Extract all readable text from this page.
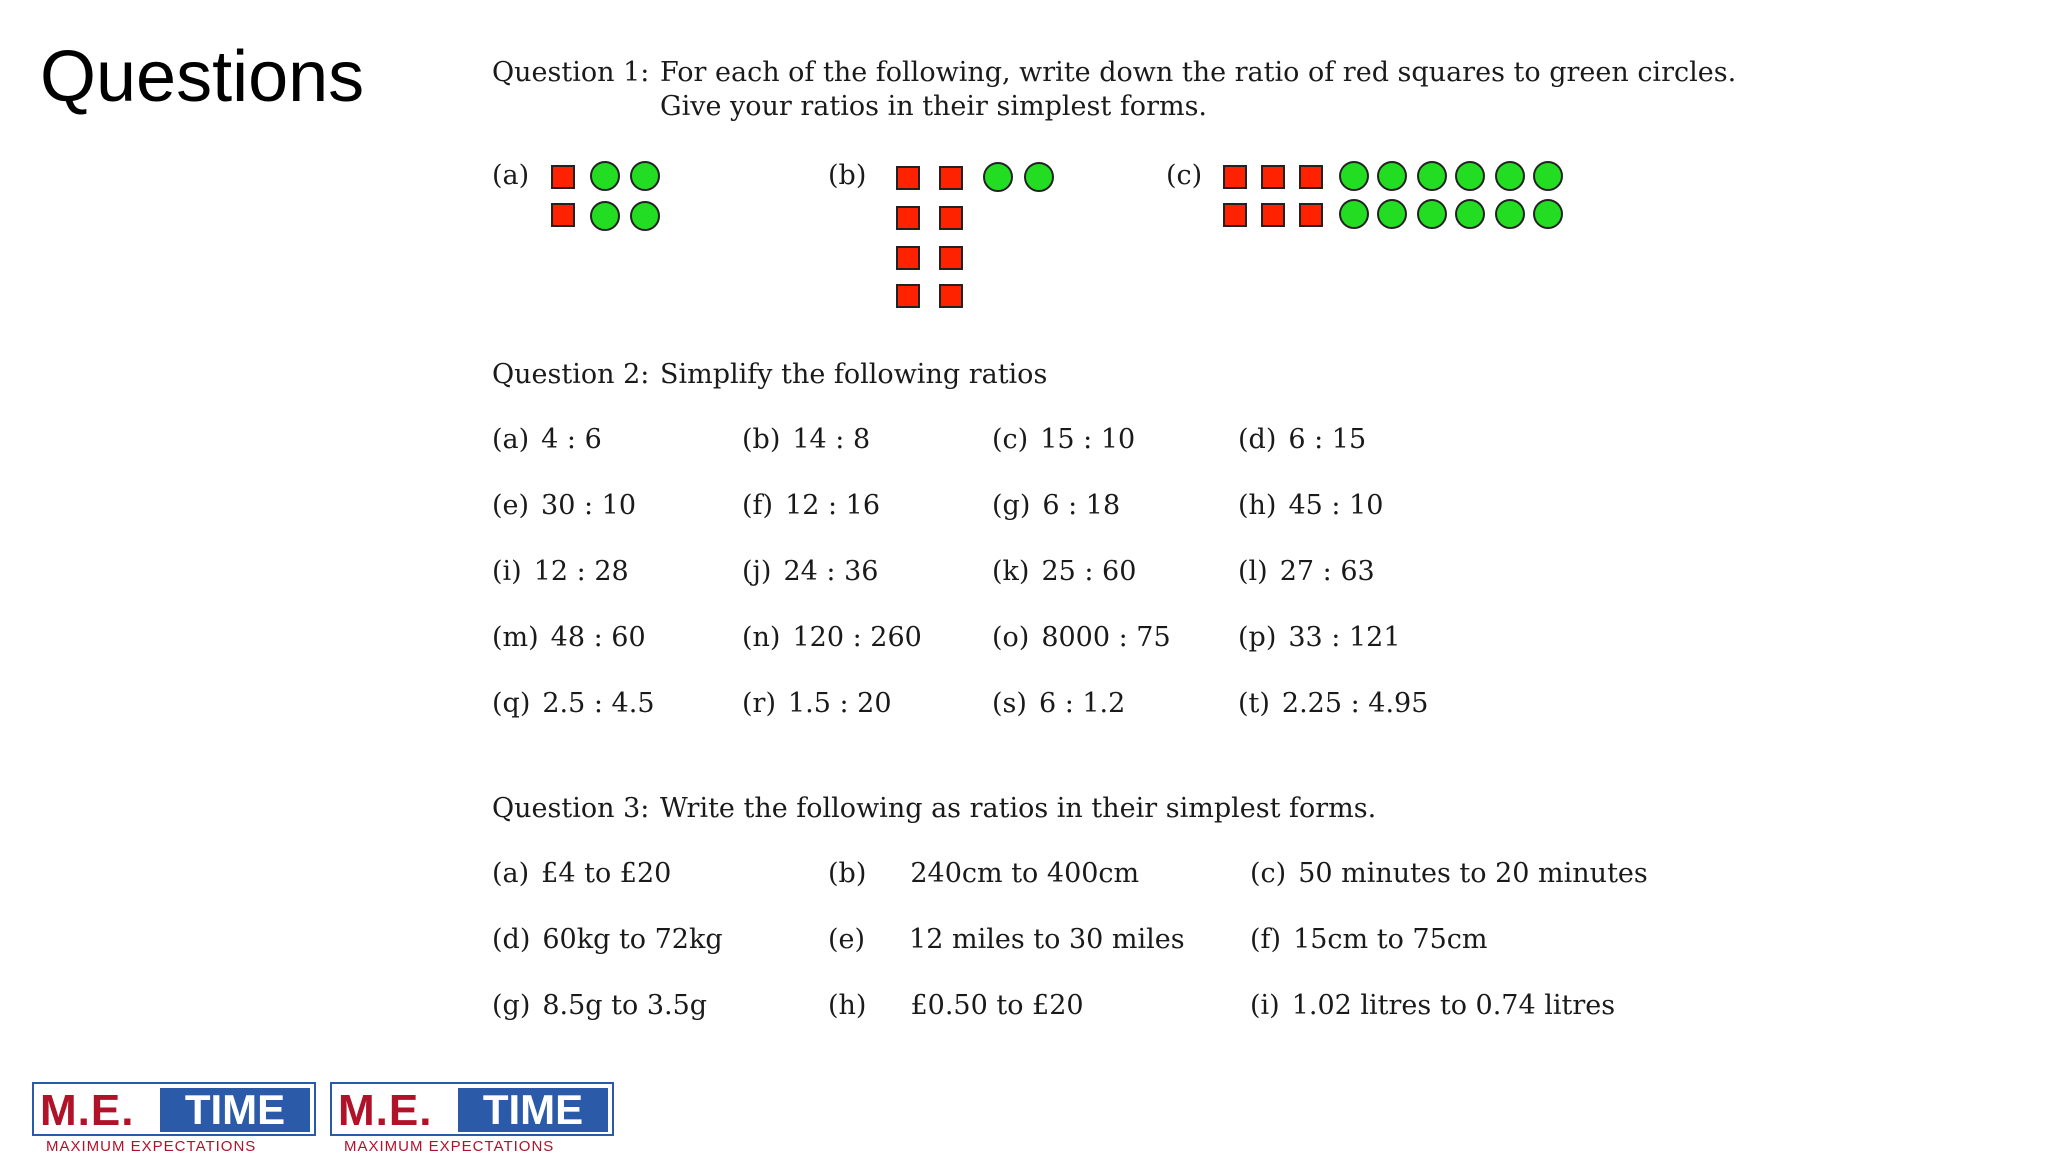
Questions	Question 1: For each of the following, write down the ratio of red squares to green circles.
Give your ratios in their simplest forms.
(a)	(b)	(c)
Question 2: Simplify the following ratios
(a) 4 : 6	(b) 14 : 8	(c) 15 : 10	(d) 6 : 15
(e) 30 : 10	(f) 12 : 16	(g) 6 : 18	(h) 45 : 10
(i) 12 : 28	(j) 24 : 36	(k) 25 : 60	(l) 27 : 63
(m) 48 : 60	(n) 120 : 260	(o) 8000 : 75 (p) 33 : 121
(q) 2.5 : 4.5	(r) 1.5 : 20	(s) 6 : 1.2	(t) 2.25 : 4.95
Question 3: Write the following as ratios in their simplest forms.
(a) £4 to £20	(b) 240cm to 400cm	(c) 50 minutes to 20 minutes
(d) 60kg to 72kg	(e) 12 miles to 30 miles (f) 15cm to 75cm
(g) 8.5g to 3.5g	(h) £0.50 to £20	(i) 1.02 litres to 0.74 litres
M.E.	TIME
MAXIMUM EXPECTATIONS
M.E.	TIME
MAXIMUM EXPECTATIONS
